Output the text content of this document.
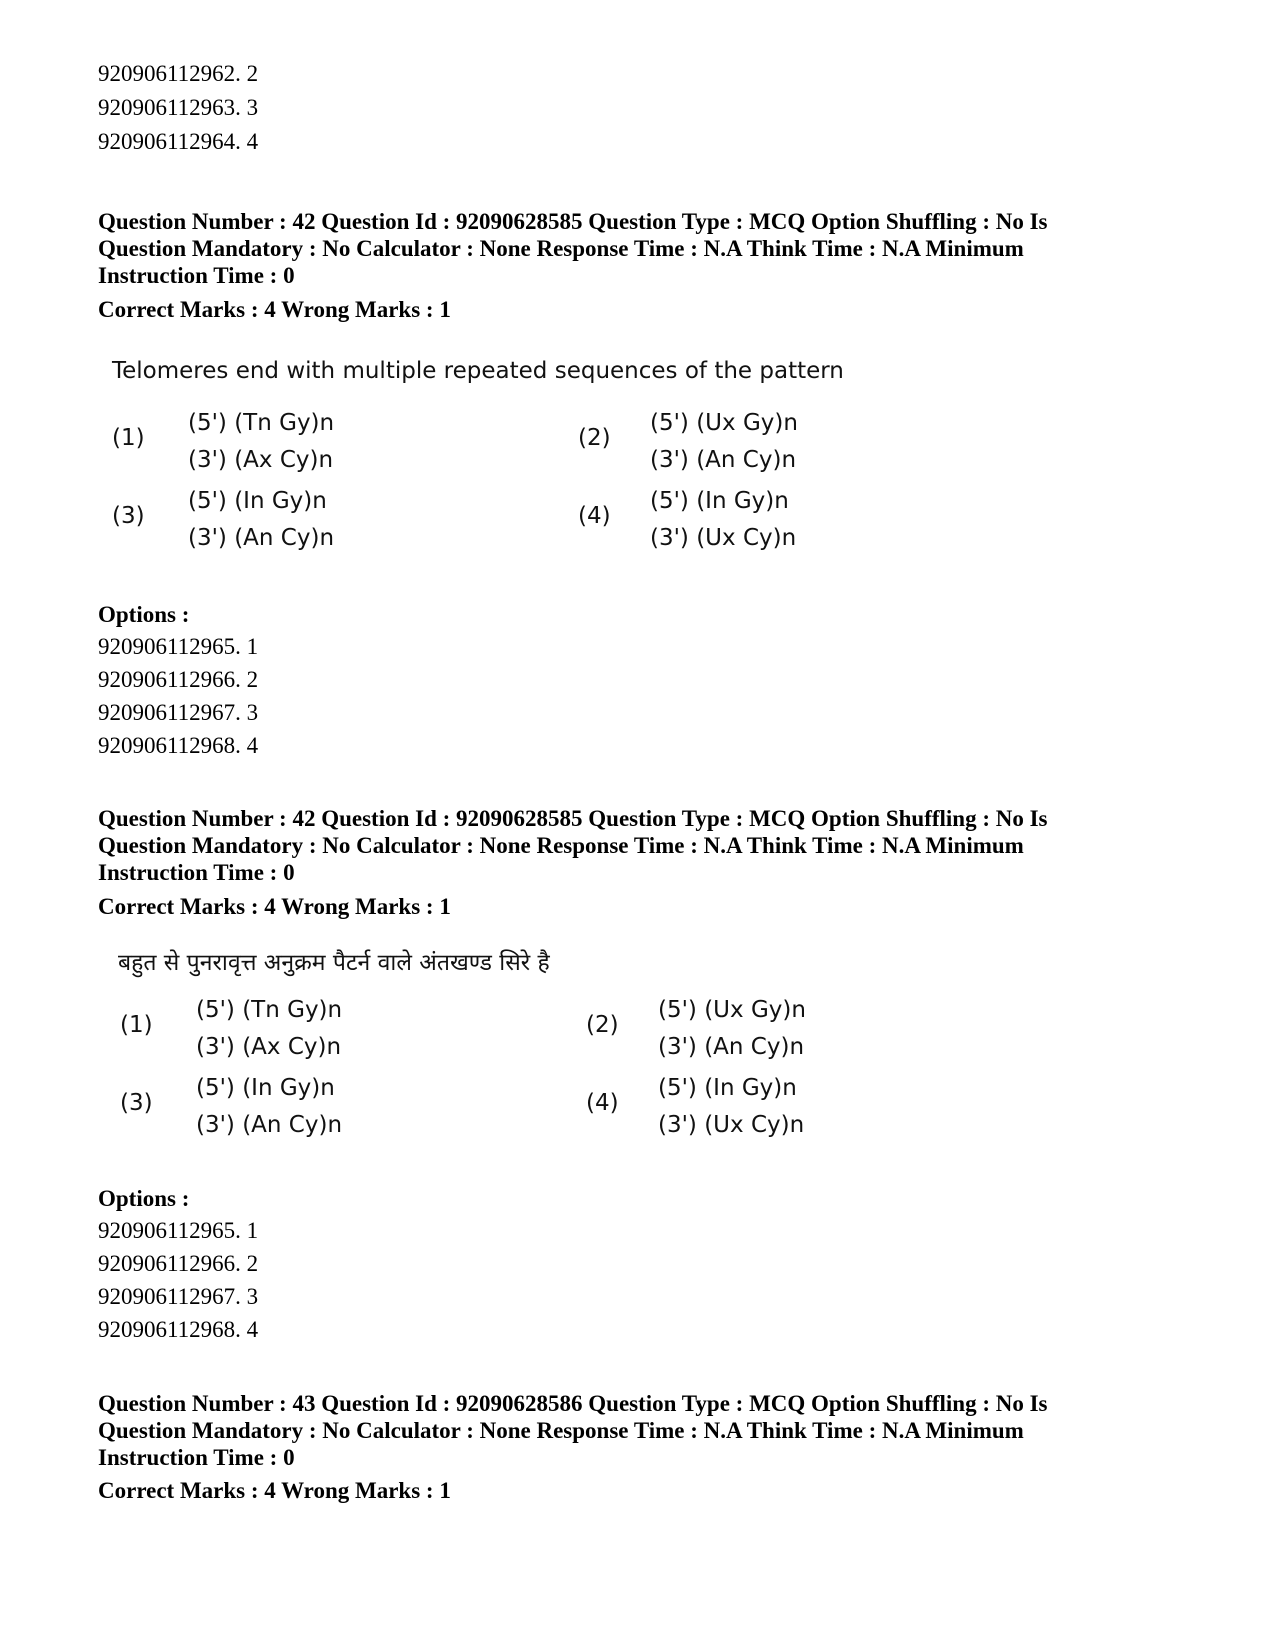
920906112962. 2
920906112963. 3
920906112964. 4
Question Number : 42 Question Id : 92090628585 Question Type : MCQ Option Shuffling : No Is
Question Mandatory : No Calculator : None Response Time : N.A Think Time : N.A Minimum
Instruction Time : 0
Correct Marks : 4 Wrong Marks : 1
Telomeres end with multiple repeated sequences of the pattern
(1)
(5') (Tn Gy)n
(3') (Ax Cy)n
(2)
(5') (Ux Gy)n
(3') (An Cy)n
(3)
(5') (In Gy)n
(3') (An Cy)n
(4)
(5') (In Gy)n
(3') (Ux Cy)n
Options :
920906112965. 1
920906112966. 2
920906112967. 3
920906112968. 4
Question Number : 42 Question Id : 92090628585 Question Type : MCQ Option Shuffling : No Is
Question Mandatory : No Calculator : None Response Time : N.A Think Time : N.A Minimum
Instruction Time : 0
Correct Marks : 4 Wrong Marks : 1
बहुत से पुनरावृत्त अनुक्रम पैटर्न वाले अंतखण्ड सिरे है
(1)
(5') (Tn Gy)n
(3') (Ax Cy)n
(2)
(5') (Ux Gy)n
(3') (An Cy)n
(3)
(5') (In Gy)n
(3') (An Cy)n
(4)
(5') (In Gy)n
(3') (Ux Cy)n
Options :
920906112965. 1
920906112966. 2
920906112967. 3
920906112968. 4
Question Number : 43 Question Id : 92090628586 Question Type : MCQ Option Shuffling : No Is
Question Mandatory : No Calculator : None Response Time : N.A Think Time : N.A Minimum
Instruction Time : 0
Correct Marks : 4 Wrong Marks : 1
